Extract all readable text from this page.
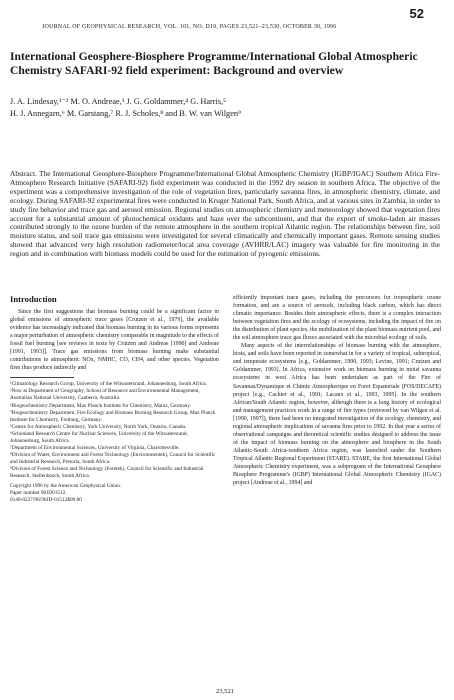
52
JOURNAL OF GEOPHYSICAL RESEARCH, VOL. 101, NO. D19, PAGES 23,521–23,530, OCTOBER 30, 1996
International Geosphere-Biosphere Programme/International Global Atmospheric Chemistry SAFARI-92 field experiment: Background and overview
J. A. Lindesay,¹⁻² M. O. Andreae,³ J. G. Goldammer,⁴ G. Harris,⁵
H. J. Annegarn,⁶ M. Garstang,⁷ R. J. Scholes,⁸ and B. W. van Wilgen⁹
Abstract. The International Geosphere-Biosphere Programme/International Global Atmospheric Chemistry (IGBP/IGAC) Southern Africa Fire-Atmosphere Research Initiative (SAFARI-92) field experiment was conducted in the 1992 dry season in southern Africa. The objective of the experiment was a comprehensive investigation of the role of vegetation fires, particularly savanna fires, in atmospheric chemistry, climate, and ecology. During SAFARI-92 experimental fires were conducted in Kruger National Park, South Africa, and at various sites in Zambia, in order to study fire behavior and trace gas and aerosol emission. Regional studies on atmospheric chemistry and meteorology showed that vegetation fires account for a substantial amount of photochemical oxidants and haze over the subcontinent, and that the export of smoke-laden air masses contributed strongly to the ozone burden of the remote atmosphere in the southern tropical Atlantic region. The relationships between fire, soil moisture status, and soil trace gas emissions were investigated for several climatically and chemically important gases. Remote sensing studies showed that advanced very high resolution radiometer/local area coverage (AVHRR/LAC) imagery was valuable for fire monitoring in the region and in combination with biomass models could be used for the estimation of pyrogenic emissions.
Introduction

Since the first suggestions that biomass burning could be a significant factor in global emissions of atmospheric trace gases [Crutzen et al., 1979], the available evidence has increasingly indicated that biomass burning in its various forms represents a major perturbation of atmospheric chemistry comparable in magnitude to the effects of fossil fuel burning [see reviews in texts by Crutzen and Andreae [1990] and Andreae [1991, 1993]]. Trace gas emissions from biomass burning make substantial contributions to atmospheric NOx, NMHC, CO, CH4, and other species. Vegetation fires thus produce indirectly and

¹Climatology Research Group, University of the Witwatersrand, Johannesburg, South Africa.

²Now at Department of Geography, School of Resource and Environmental Management, Australian National University, Canberra, Australia.

³Biogeochemistry Department, Max Planck Institute for Chemistry, Mainz, Germany.

⁴Biogeochemistry Department, Fire Ecology and Biomass Burning Research Group, Max Planck Institute for Chemistry, Freiburg, Germany.

⁵Centre for Atmospheric Chemistry, York University, North York, Ontario, Canada.

⁶Schonland Research Centre for Nuclear Sciences, University of the Witwatersrand, Johannesburg, South Africa.

⁷Department of Environmental Sciences, University of Virginia, Charlottesville.

⁸Division of Water, Environment and Forest Technology (Environmentek), Council for Scientific and Industrial Research, Pretoria, South Africa.

⁹Division of Forest Science and Technology (Foretek), Council for Scientific and Industrial Research, Stellenbosch, South Africa.

Copyright 1996 by the American Geophysical Union.

Paper number 96JD01512.

0148-0227/96/96JD-01512$09.00

efficiently important trace gases, including the precursors for tropospheric ozone formation, and are a source of aerosols, including black carbon, which has direct climatic importance. Besides their atmospheric effects, there is a complex interaction between vegetation fires and the ecology of ecosystems, including the impact of fire on the distribution of plant species, the mobilization of the plant biomass nutrient pool, and the soil atmosphere trace gas fluxes associated with the microbial ecology of soils.

Many aspects of the interrelationships of biomass burning with the atmosphere, biota, and soils have been reported in somewhat in for a variety of tropical, subtropical, and temperate ecosystems [e.g., Goldammer, 1990, 1993; Levine, 1991; Crutzen and Goldammer, 1993]. In Africa, extensive work on biomass burning in moist savanna ecosystems in west Africa has been undertaken as part of the Fire of Savannas/Dynamique et Chimie Atmospherique en Foret Equatoriale (FOS/DECAFE) project [e.g., Cachier et al., 1991; Lacaux et al., 1993, 1995]. In the southern African/South Atlantic region, however, although there is a long history of ecological and management practices work in a range of fire types (reviewed by van Wilgen et al. [1990, 1997]), there had been no integrated investigation of the ecology, chemistry, and regional atmospheric implications of savanna fires prior to 1992. In that year a series of observational campaigns and theoretical scientific studies designed to address the issue of the impact of biomass burning on the atmosphere and biosphere in the South Atlantic-South Africa-southern Africa region, was launched under the Southern Tropical Atlantic Regional Experiment (STARE). STARE, the first International Global Atmospheric Chemistry experiment, was a subprogram of the International Geosphere Biosphere Programme's (IGBP) International Global Atmospheric Chemistry (IGAC) project [Andreae et al., 1994] and

23,521
